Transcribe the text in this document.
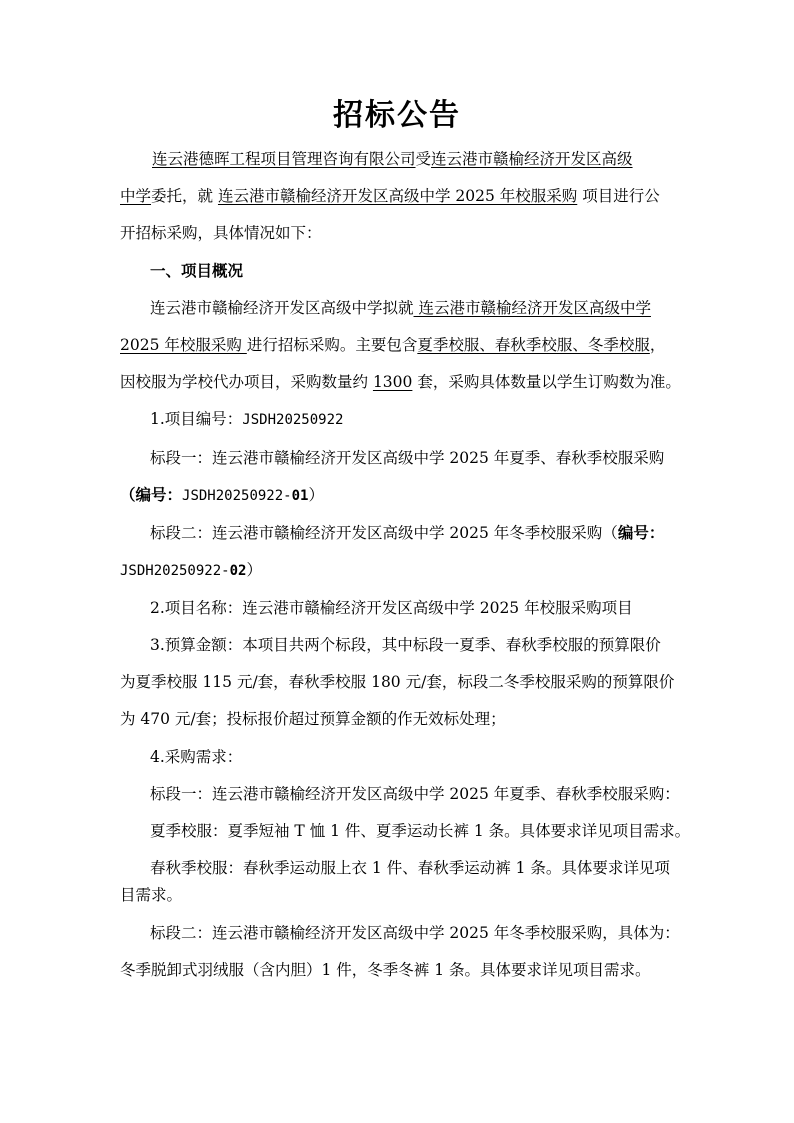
招标公告
连云港德晖工程项目管理咨询有限公司受连云港市赣榆经济开发区高级
中学委托，就 连云港市赣榆经济开发区高级中学 2025 年校服采购 项目进行公
开招标采购，具体情况如下：
一、项目概况
连云港市赣榆经济开发区高级中学拟就 连云港市赣榆经济开发区高级中学
2025 年校服采购 进行招标采购。主要包含夏季校服、春秋季校服、冬季校服，
因校服为学校代办项目，采购数量约 1300 套，采购具体数量以学生订购数为准。
1.项目编号：JSDH20250922
标段一：连云港市赣榆经济开发区高级中学 2025 年夏季、春秋季校服采购
（编号：JSDH20250922-01）
标段二：连云港市赣榆经济开发区高级中学 2025 年冬季校服采购（编号：
JSDH20250922-02）
2.项目名称：连云港市赣榆经济开发区高级中学 2025 年校服采购项目
3.预算金额：本项目共两个标段，其中标段一夏季、春秋季校服的预算限价
为夏季校服 115 元/套，春秋季校服 180 元/套，标段二冬季校服采购的预算限价
为 470 元/套；投标报价超过预算金额的作无效标处理；
4.采购需求：
标段一：连云港市赣榆经济开发区高级中学 2025 年夏季、春秋季校服采购：
夏季校服：夏季短袖 T 恤 1 件、夏季运动长裤 1 条。具体要求详见项目需求。
春秋季校服：春秋季运动服上衣 1 件、春秋季运动裤 1 条。具体要求详见项
目需求。
标段二：连云港市赣榆经济开发区高级中学 2025 年冬季校服采购，具体为：
冬季脱卸式羽绒服（含内胆）1 件，冬季冬裤 1 条。具体要求详见项目需求。
